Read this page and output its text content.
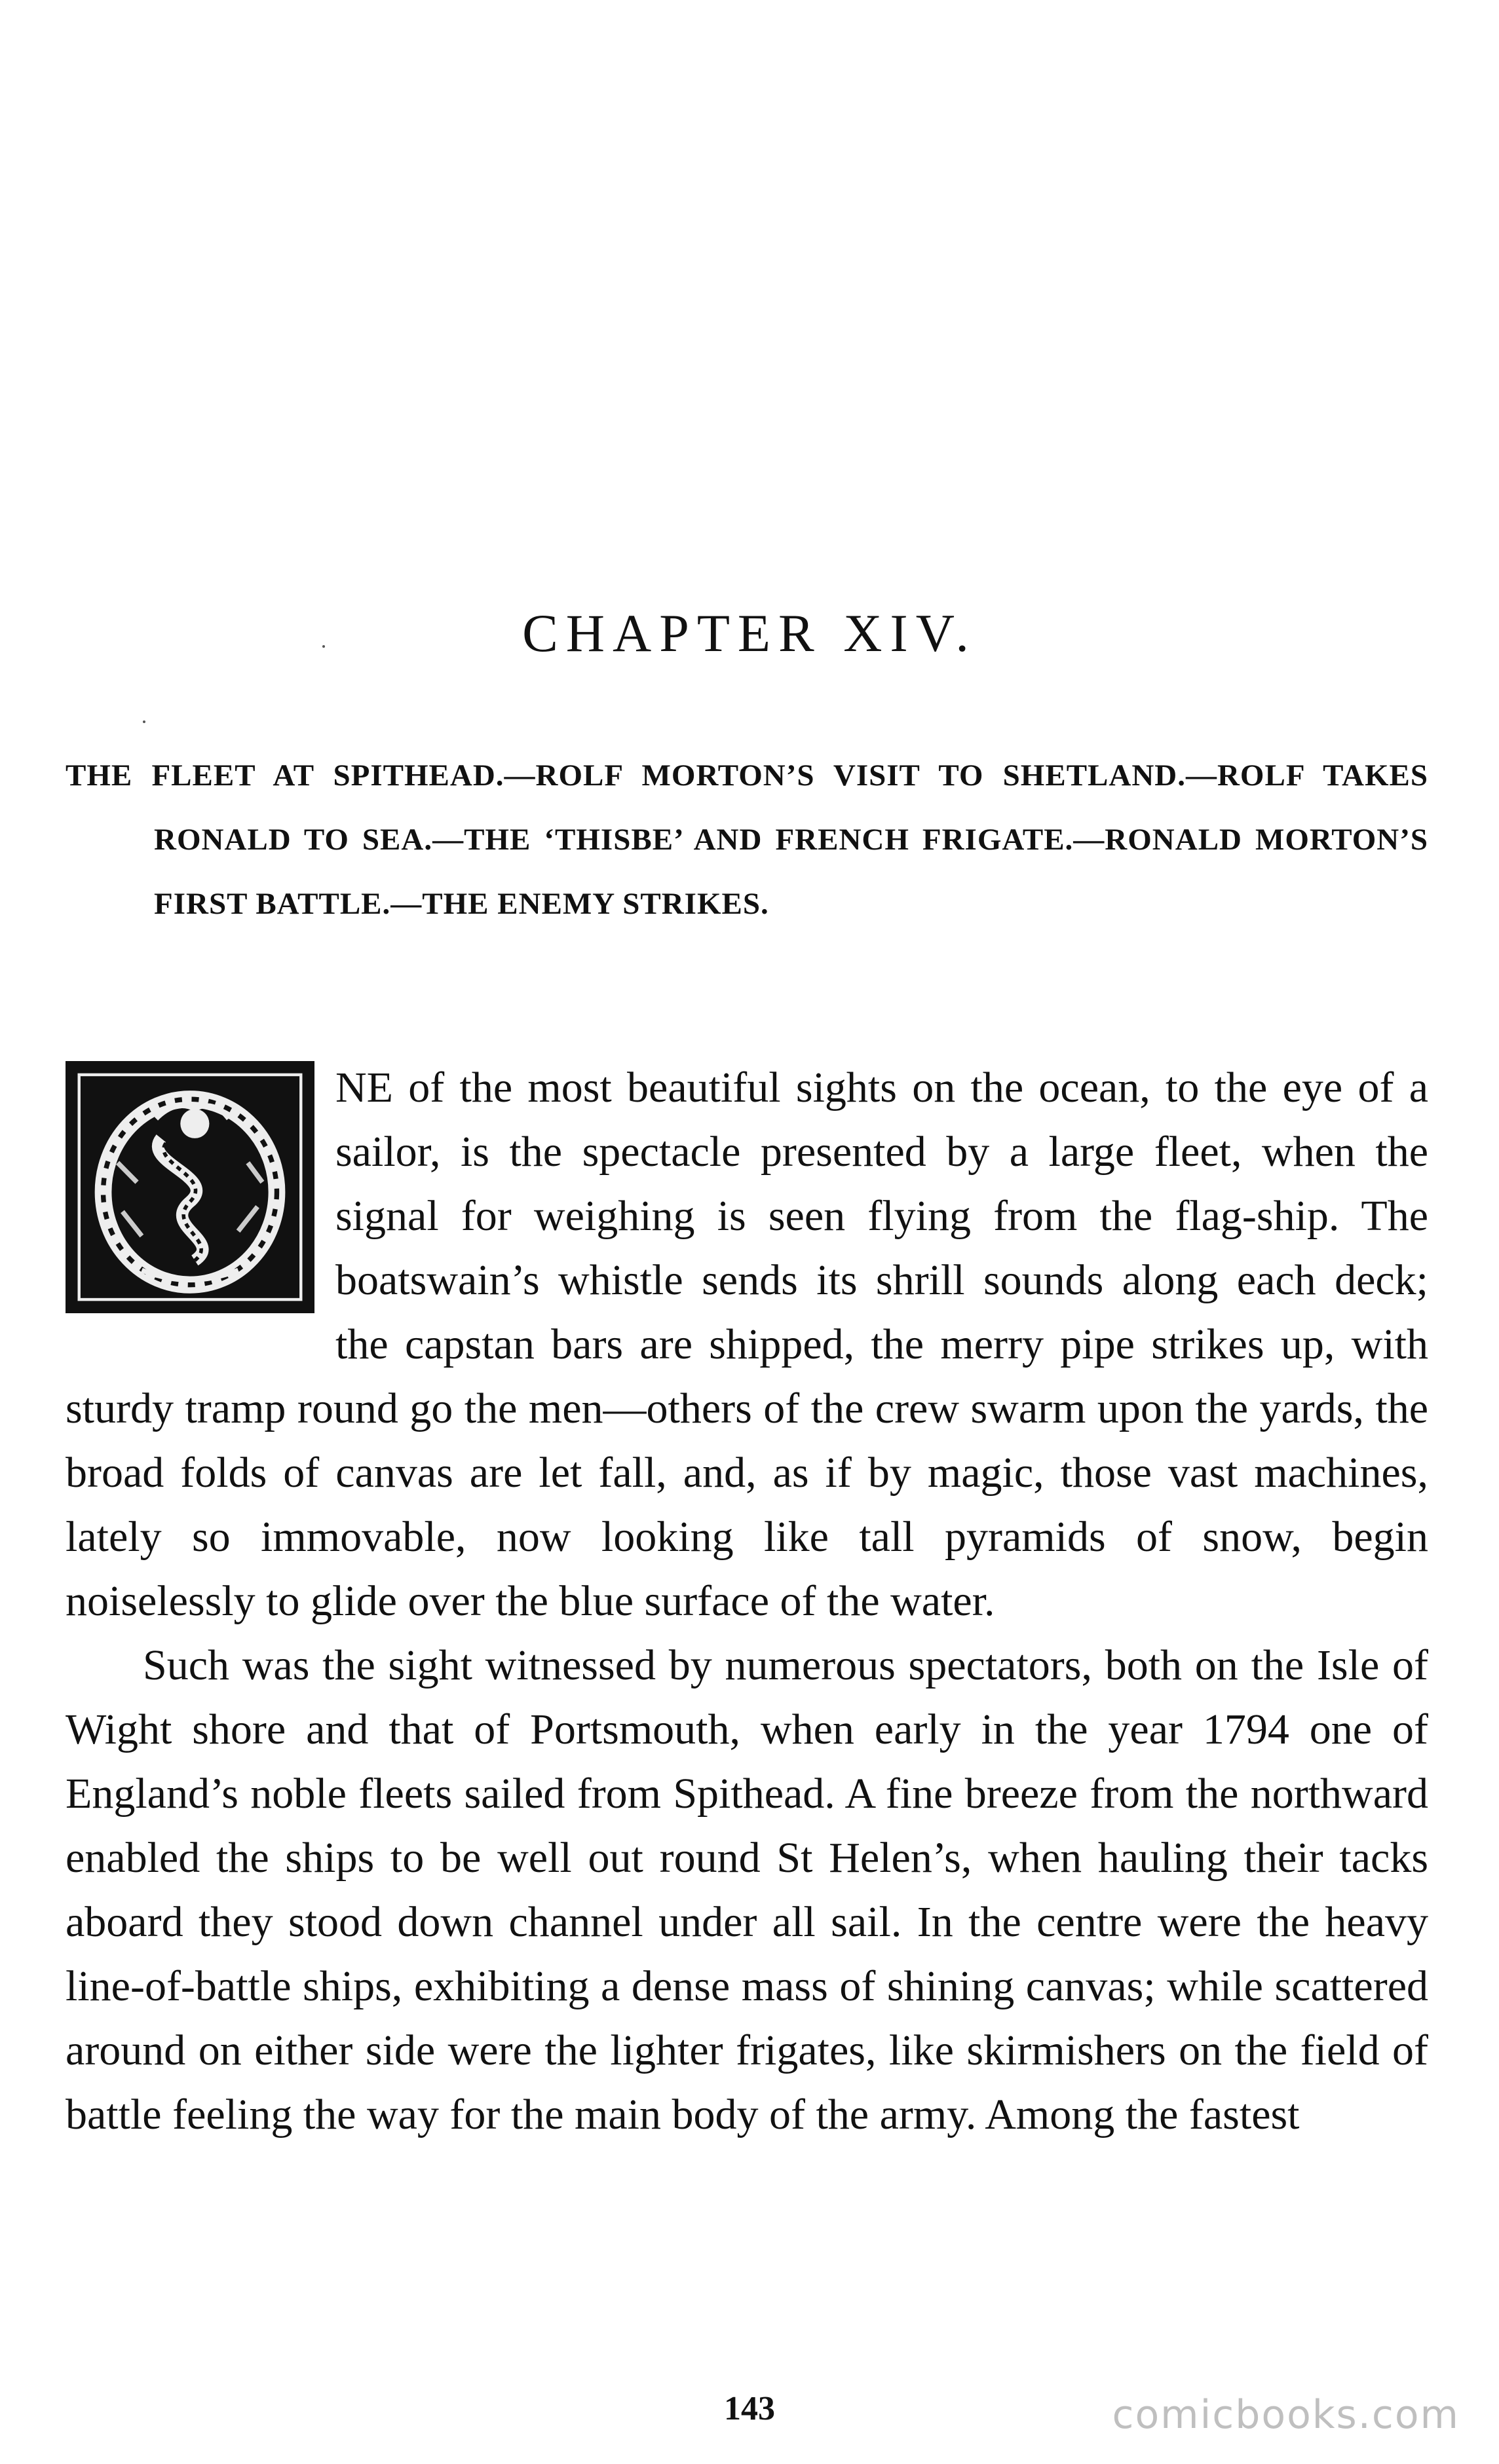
CHAPTER XIV.
THE FLEET AT SPITHEAD.—ROLF MORTON’S VISIT TO SHETLAND.—ROLF TAKES RONALD TO SEA.—THE ‘THISBE’ AND FRENCH FRIGATE.—RONALD MORTON’S FIRST BATTLE.—THE ENEMY STRIKES.

NE of the most beautiful sights on the ocean, to the eye of a sailor, is the spectacle presented by a large fleet, when the signal for weighing is seen flying from the flag-ship. The boatswain’s whistle sends its shrill sounds along each deck; the capstan bars are shipped, the merry pipe strikes up, with sturdy tramp round go the men—others of the crew swarm upon the yards, the broad folds of canvas are let fall, and, as if by magic, those vast machines, lately so immovable, now looking like tall pyramids of snow, begin noiselessly to glide over the blue surface of the water.

Such was the sight witnessed by numerous spectators, both on the Isle of Wight shore and that of Portsmouth, when early in the year 1794 one of England’s noble fleets sailed from Spithead. A fine breeze from the northward enabled the ships to be well out round St Helen’s, when hauling their tacks aboard they stood down channel under all sail. In the centre were the heavy line-of-battle ships, exhibiting a dense mass of shining canvas; while scattered around on either side were the lighter frigates, like skirmishers on the field of battle feeling the way for the main body of the army. Among the fastest

143	comicbooks.com
